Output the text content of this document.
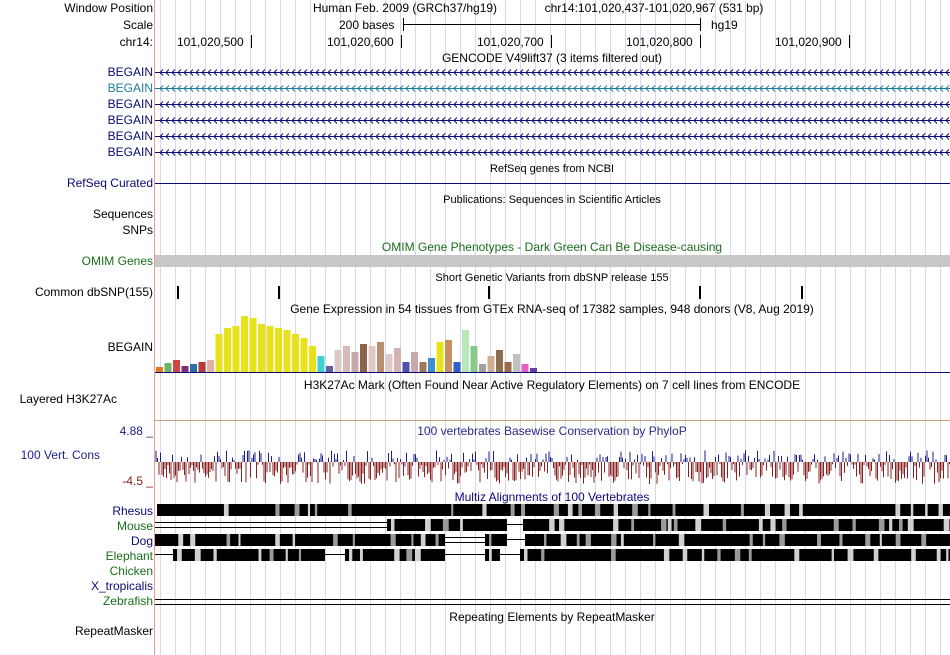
Window Position
Scale
chr14:
BEGAIN
BEGAIN
BEGAIN
BEGAIN
BEGAIN
BEGAIN
RefSeq Curated
Sequences
SNPs
OMIM Genes
Common dbSNP(155)
BEGAIN
Layered H3K27Ac
4.88 _
100 Vert. Cons
-4.5 _
Rhesus
Mouse
Dog
Elephant
Chicken
X_tropicalis
Zebrafish
RepeatMasker
Human Feb. 2009 (GRCh37/hg19)	chr14:101,020,437-101,020,967 (531 bp)
200 bases	hg19
101,020,500	101,020,600	101,020,700	101,020,800	101,020,900
GENCODE V49lift37 (3 items filtered out)
RefSeq genes from NCBI
Publications: Sequences in Scientific Articles
OMIM Gene Phenotypes - Dark Green Can Be Disease-causing
Short Genetic Variants from dbSNP release 155
Gene Expression in 54 tissues from GTEx RNA-seq of 17382 samples, 948 donors (V8, Aug 2019)
H3K27Ac Mark (Often Found Near Active Regulatory Elements) on 7 cell lines from ENCODE
100 vertebrates Basewise Conservation by PhyloP
Multiz Alignments of 100 Vertebrates
Repeating Elements by RepeatMasker
